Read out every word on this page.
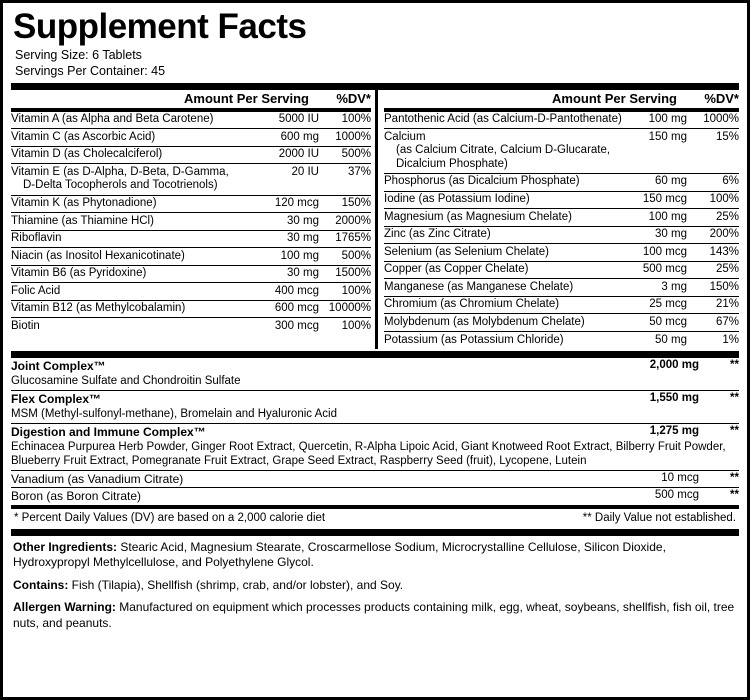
Supplement Facts
Serving Size: 6 Tablets
Servings Per Container: 45
Amount Per Serving	%DV*
Vitamin A (as Alpha and Beta Carotene)	5000 IU	100%
Vitamin C (as Ascorbic Acid)	600 mg	1000%
Vitamin D (as Cholecalciferol)	2000 IU	500%
Vitamin E (as D-Alpha, D-Beta, D-Gamma,
D-Delta Tocopherols and Tocotrienols)	20 IU	37%
Vitamin K (as Phytonadione)	120 mcg	150%
Thiamine (as Thiamine HCl)	30 mg	2000%
Riboflavin	30 mg	1765%
Niacin (as Inositol Hexanicotinate)	100 mg	500%
Vitamin B6 (as Pyridoxine)	30 mg	1500%
Folic Acid	400 mcg	100%
Vitamin B12 (as Methylcobalamin)	600 mcg	10000%
Biotin	300 mcg	100%
Amount Per Serving	%DV*
Pantothenic Acid (as Calcium-D-Pantothenate)	100 mg	1000%
Calcium
(as Calcium Citrate, Calcium D-Glucarate, Dicalcium Phosphate)	150 mg	15%
Phosphorus (as Dicalcium Phosphate)	60 mg	6%
Iodine (as Potassium Iodine)	150 mcg	100%
Magnesium (as Magnesium Chelate)	100 mg	25%
Zinc (as Zinc Citrate)	30 mg	200%
Selenium (as Selenium Chelate)	100 mcg	143%
Copper (as Copper Chelate)	500 mcg	25%
Manganese (as Manganese Chelate)	3 mg	150%
Chromium (as Chromium Chelate)	25 mcg	21%
Molybdenum (as Molybdenum Chelate)	50 mcg	67%
Potassium (as Potassium Chloride)	50 mg	1%
Joint Complex™	2,000 mg	**
Glucosamine Sulfate and Chondroitin Sulfate		
Flex Complex™	1,550 mg	**
MSM (Methyl-sulfonyl-methane), Bromelain and Hyaluronic Acid		
Digestion and Immune Complex™	1,275 mg	**
Echinacea Purpurea Herb Powder, Ginger Root Extract, Quercetin, R-Alpha Lipoic Acid, Giant Knotweed Root Extract, Bilberry Fruit Powder, Blueberry Fruit Extract, Pomegranate Fruit Extract, Grape Seed Extract, Raspberry Seed (fruit), Lycopene, Lutein		
Vanadium (as Vanadium Citrate)	10 mcg	**
Boron (as Boron Citrate)	500 mcg	**
* Percent Daily Values (DV) are based on a 2,000 calorie diet	** Daily Value not established.

Other Ingredients: Stearic Acid, Magnesium Stearate, Croscarmellose Sodium, Microcrystalline Cellulose, Silicon Dioxide, Hydroxypropyl Methylcellulose, and Polyethylene Glycol.

Contains: Fish (Tilapia), Shellfish (shrimp, crab, and/or lobster), and Soy.

Allergen Warning: Manufactured on equipment which processes products containing milk, egg, wheat, soybeans, shellfish, fish oil, tree nuts, and peanuts.
